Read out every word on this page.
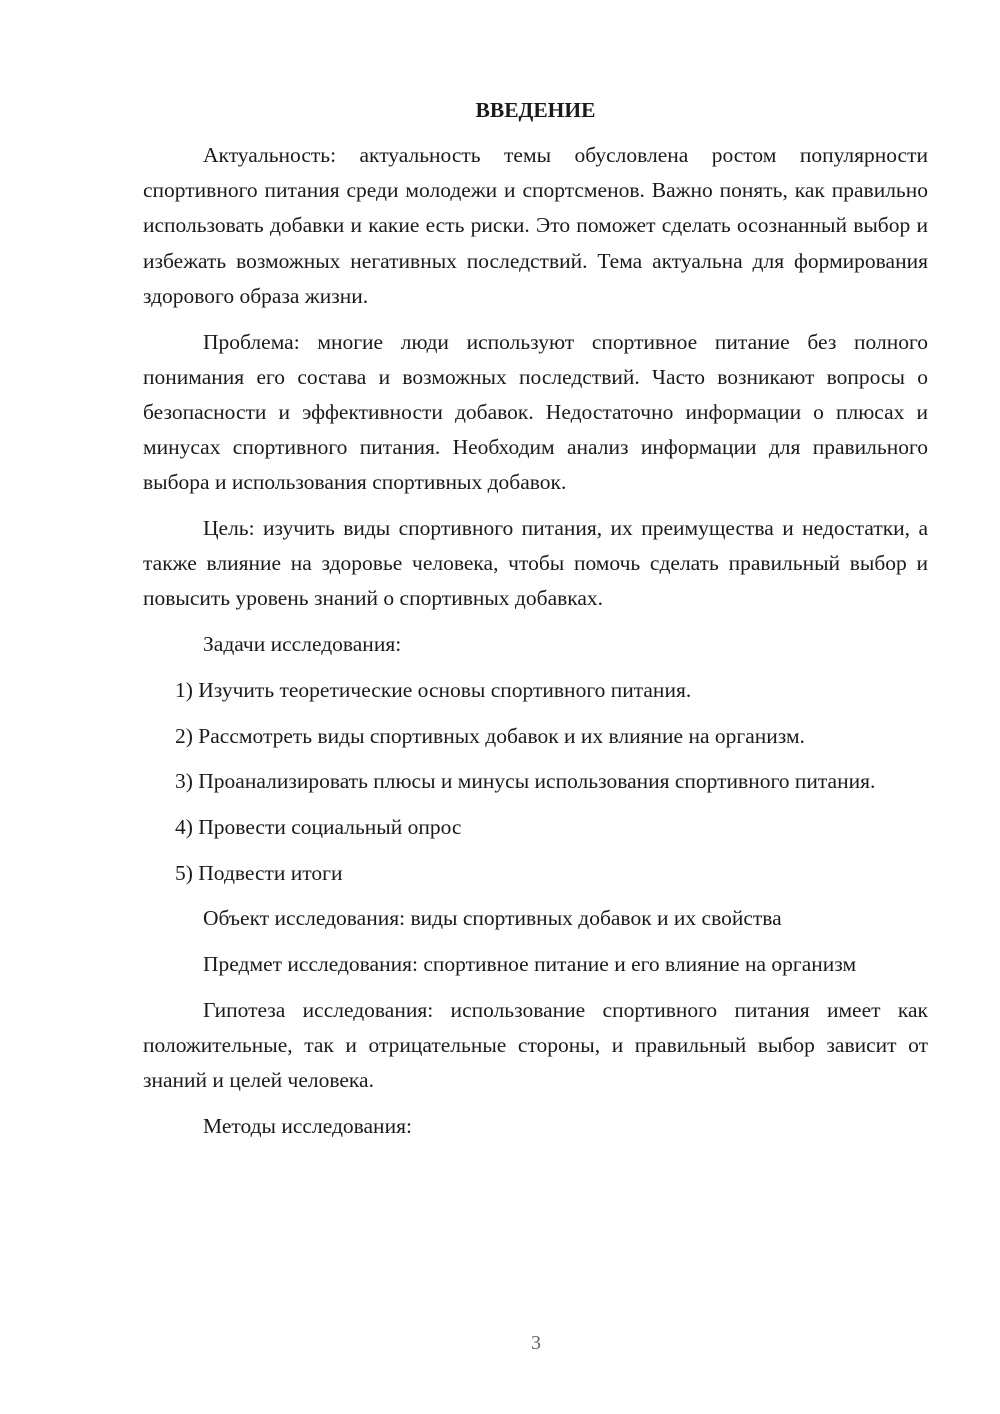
ВВЕДЕНИЕ

Актуальность: актуальность темы обусловлена ростом популярности спортивного питания среди молодежи и спортсменов. Важно понять, как правильно использовать добавки и какие есть риски. Это поможет сделать осознанный выбор и избежать возможных негативных последствий. Тема актуальна для формирования здорового образа жизни.

Проблема: многие люди используют спортивное питание без полного понимания его состава и возможных последствий. Часто возникают вопросы о безопасности и эффективности добавок. Недостаточно информации о плюсах и минусах спортивного питания. Необходим анализ информации для правильного выбора и использования спортивных добавок.

Цель: изучить виды спортивного питания, их преимущества и недостатки, а также влияние на здоровье человека, чтобы помочь сделать правильный выбор и повысить уровень знаний о спортивных добавках.

Задачи исследования:

1) Изучить теоретические основы спортивного питания.

2) Рассмотреть виды спортивных добавок и их влияние на организм.

3) Проанализировать плюсы и минусы использования спортивного питания.

4) Провести социальный опрос

5) Подвести итоги

Объект исследования: виды спортивных добавок и их свойства

Предмет исследования: спортивное питание и его влияние на организм

Гипотеза исследования: использование спортивного питания имеет как положительные, так и отрицательные стороны, и правильный выбор зависит от знаний и целей человека.

Методы исследования:

3
